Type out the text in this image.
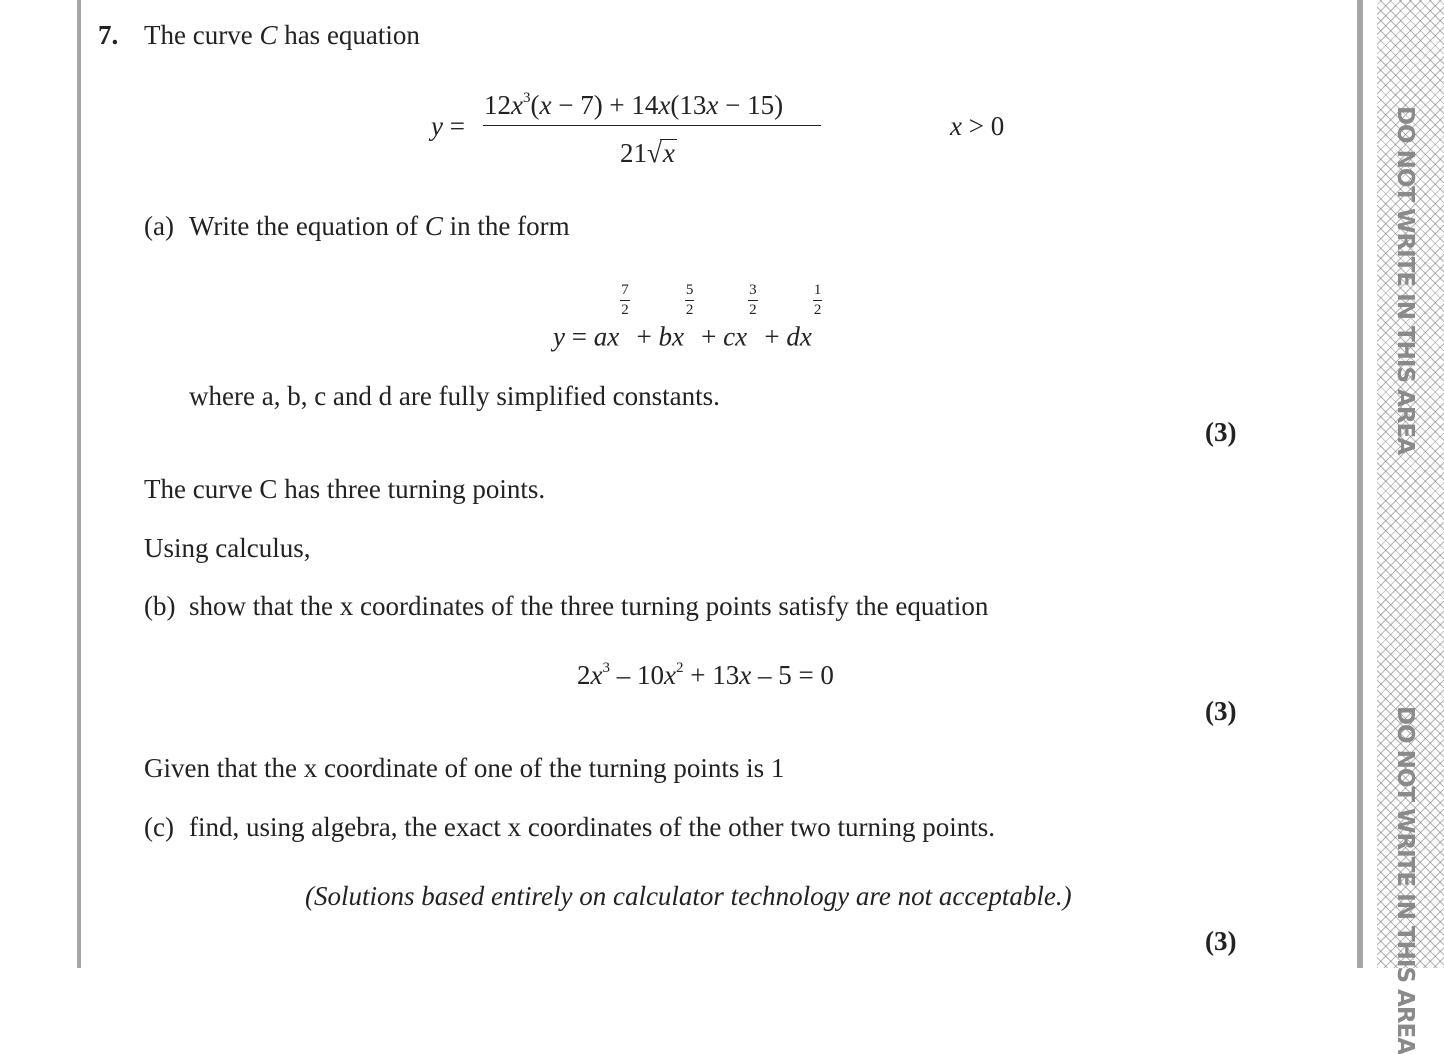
DO NOT WRITE IN THIS AREA
DO NOT WRITE IN THIS AREA
7. The curve C has equation
y =
$12x^3(x - 7) + 14x(13x - 15)$
21√x
x > 0
(a) Write the equation of C in the form
y = ax
$\frac{7}{2}$
+ bx
$\frac{5}{2}$
+ cx
$\frac{3}{2}$
+ dx
$\frac{1}{2}$
where a, b, c and d are fully simplified constants.
(3)
The curve C has three turning points.
Using calculus,
(b) show that the x coordinates of the three turning points satisfy the equation
$2x^3 - 10x^2 + 13x - 5 = 0$
(3)
Given that the x coordinate of one of the turning points is 1
(c) find, using algebra, the exact x coordinates of the other two turning points.
(Solutions based entirely on calculator technology are not acceptable.)
(3)
